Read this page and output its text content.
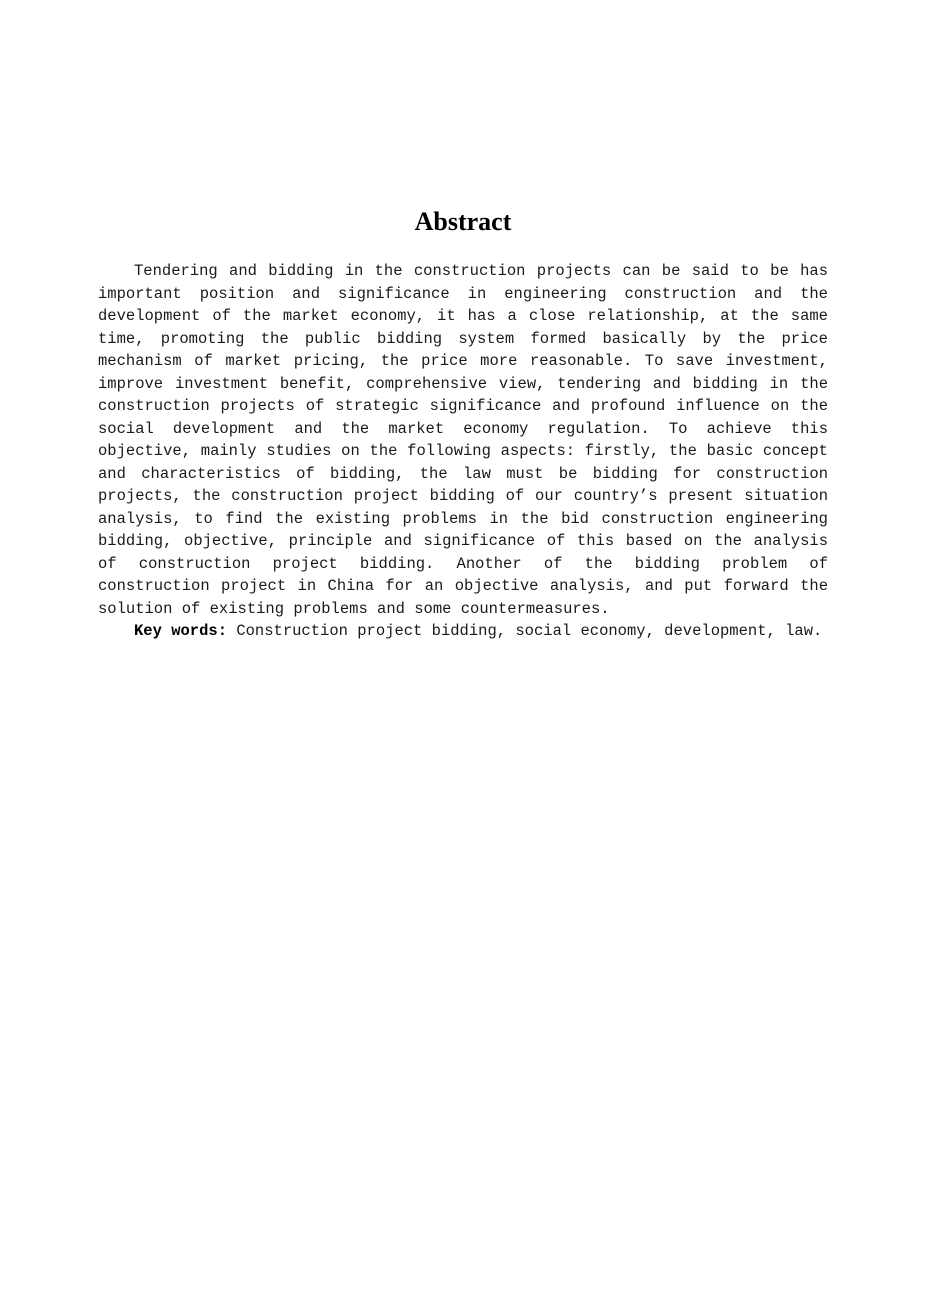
Abstract

Tendering and bidding in the construction projects can be said to be has important position and significance in engineering construction and the development of the market economy, it has a close relationship, at the same time, promoting the public bidding system formed basically by the price mechanism of market pricing, the price more reasonable. To save investment, improve investment benefit, comprehensive view, tendering and bidding in the construction projects of strategic significance and profound influence on the social development and the market economy regulation. To achieve this objective, mainly studies on the following aspects: firstly, the basic concept and characteristics of bidding, the law must be bidding for construction projects, the construction project bidding of our country’s present situation analysis, to find the existing problems in the bid construction engineering bidding, objective, principle and significance of this based on the analysis of construction project bidding. Another of the bidding problem of construction project in China for an objective analysis, and put forward the solution of existing problems and some countermeasures.

Key words: Construction project bidding, social economy, development, law.
